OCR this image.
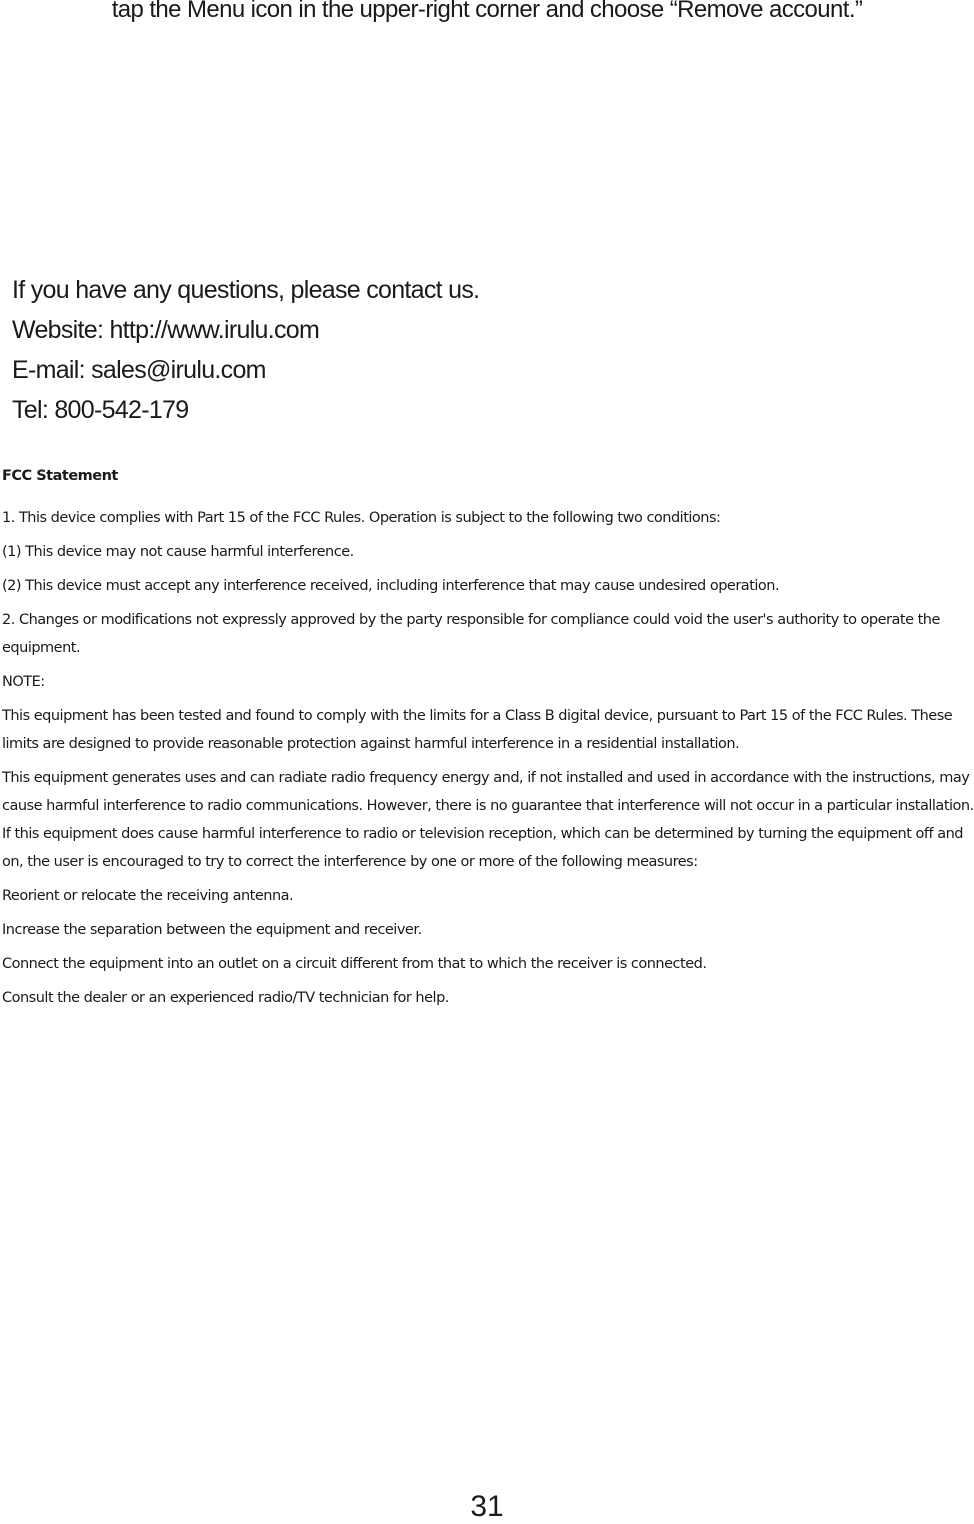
tap the Menu icon in the upper-right corner and choose “Remove account.”
If you have any questions, please contact us.
Website: http://www.irulu.com
E-mail: sales@irulu.com
Tel: 800-542-179

FCC Statement

1. This device complies with Part 15 of the FCC Rules. Operation is subject to the following two conditions:

(1) This device may not cause harmful interference.

(2) This device must accept any interference received, including interference that may cause undesired operation.

2. Changes or modifications not expressly approved by the party responsible for compliance could void the user's authority to operate the equipment.

NOTE:

This equipment has been tested and found to comply with the limits for a Class B digital device, pursuant to Part 15 of the FCC Rules. These limits are designed to provide reasonable protection against harmful interference in a residential installation.

This equipment generates uses and can radiate radio frequency energy and, if not installed and used in accordance with the instructions, may cause harmful interference to radio communications. However, there is no guarantee that interference will not occur in a particular installation. If this equipment does cause harmful interference to radio or television reception, which can be determined by turning the equipment off and on, the user is encouraged to try to correct the interference by one or more of the following measures:

Reorient or relocate the receiving antenna.

Increase the separation between the equipment and receiver.

Connect the equipment into an outlet on a circuit different from that to which the receiver is connected.

Consult the dealer or an experienced radio/TV technician for help.

31
